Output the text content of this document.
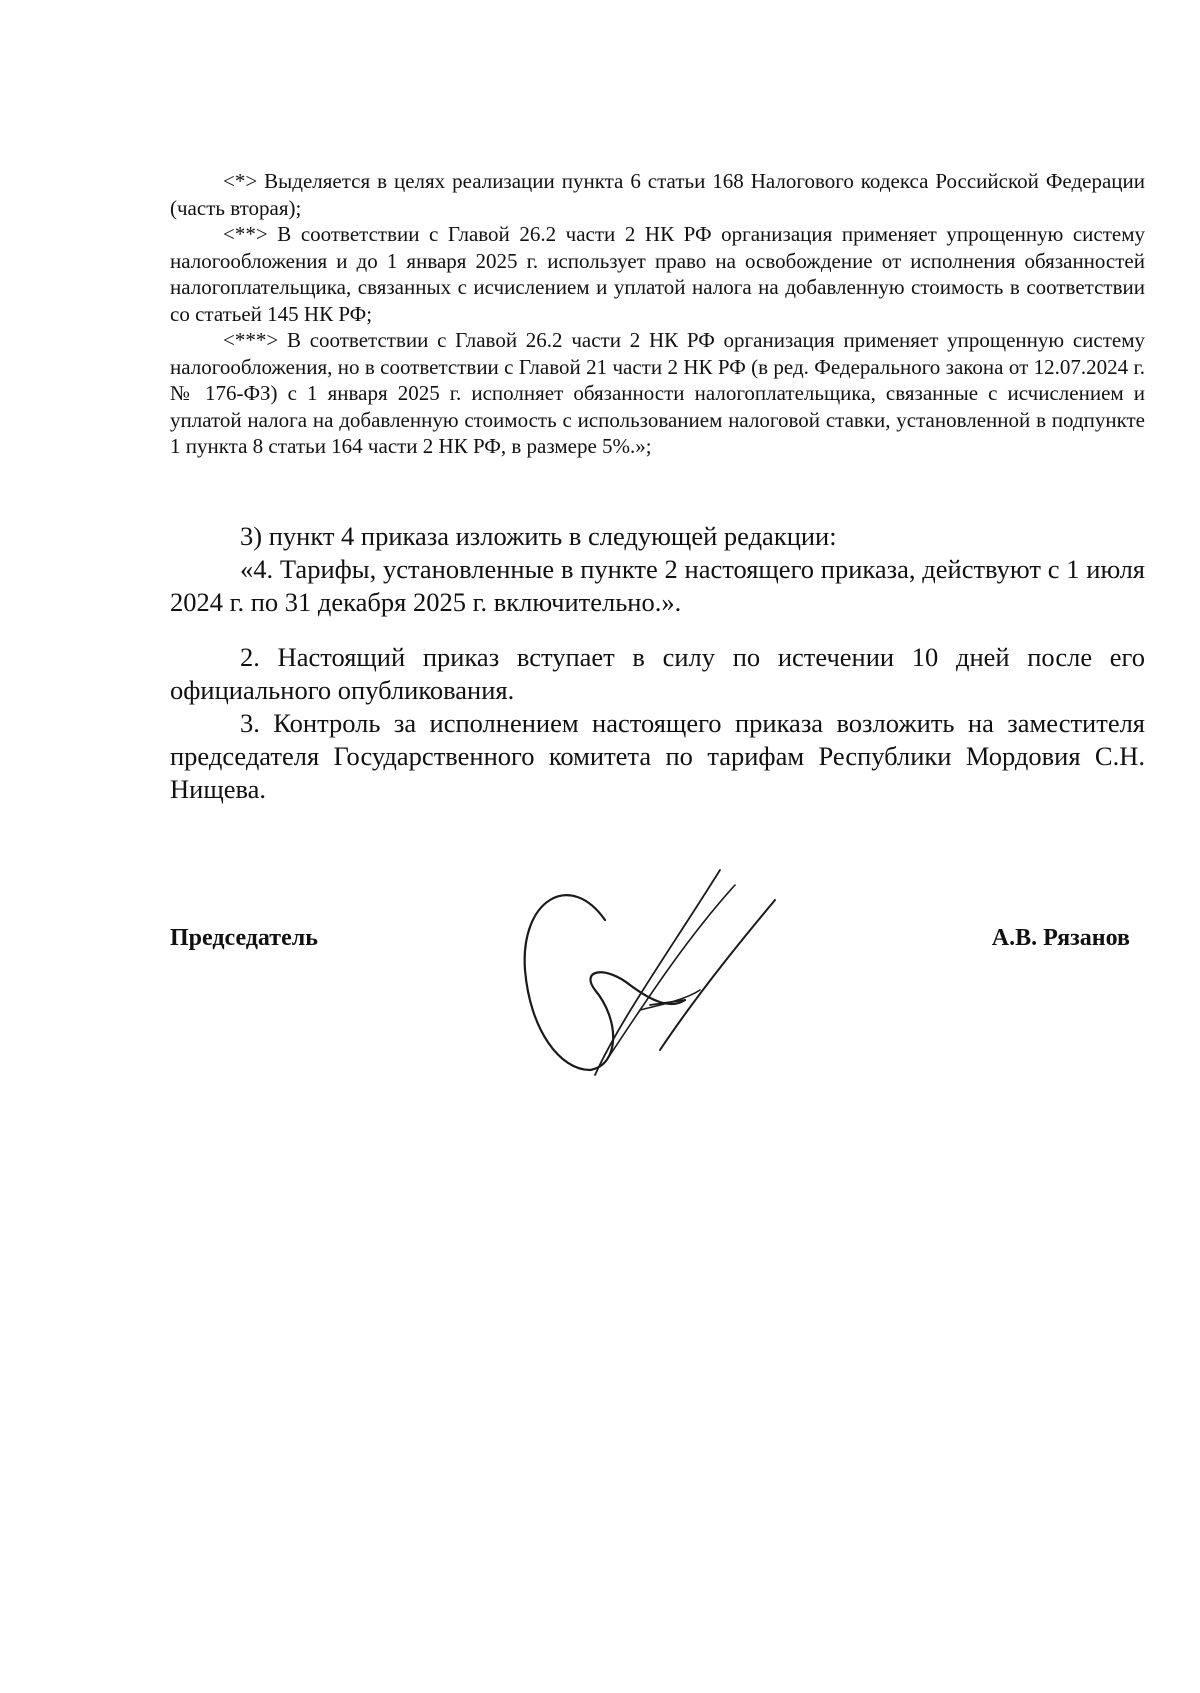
<*> Выделяется в целях реализации пункта 6 статьи 168 Налогового кодекса Российской Федерации (часть вторая);

<**> В соответствии с Главой 26.2 части 2 НК РФ организация применяет упрощенную систему налогообложения и до 1 января 2025 г. использует право на освобождение от исполнения обязанностей налогоплательщика, связанных с исчислением и уплатой налога на добавленную стоимость в соответствии со статьей 145 НК РФ;

<***> В соответствии с Главой 26.2 части 2 НК РФ организация применяет упрощенную систему налогообложения, но в соответствии с Главой 21 части 2 НК РФ (в ред. Федерального закона от 12.07.2024 г. № 176-ФЗ) с 1 января 2025 г. исполняет обязанности налогоплательщика, связанные с исчислением и уплатой налога на добавленную стоимость с использованием налоговой ставки, установленной в подпункте 1 пункта 8 статьи 164 части 2 НК РФ, в размере 5%.»;

3) пункт 4 приказа изложить в следующей редакции:

«4. Тарифы, установленные в пункте 2 настоящего приказа, действуют с 1 июля 2024 г. по 31 декабря 2025 г. включительно.».

2. Настоящий приказ вступает в силу по истечении 10 дней после его официального опубликования.

3. Контроль за исполнением настоящего приказа возложить на заместителя председателя Государственного комитета по тарифам Республики Мордовия С.Н. Нищева.

Председатель	А.В. Рязанов
